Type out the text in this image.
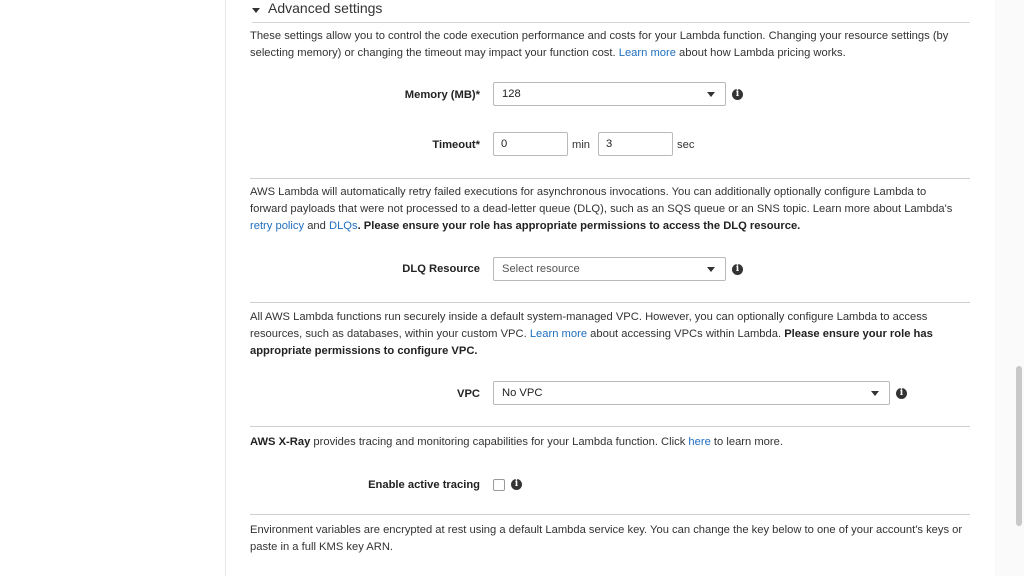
Advanced settings
These settings allow you to control the code execution performance and costs for your Lambda function. Changing your resource settings (by
selecting memory) or changing the timeout may impact your function cost. Learn more about how Lambda pricing works.
Memory (MB)*	128	i
Timeout*	0	min	3	sec
AWS Lambda will automatically retry failed executions for asynchronous invocations. You can additionally optionally configure Lambda to
forward payloads that were not processed to a dead-letter queue (DLQ), such as an SQS queue or an SNS topic. Learn more about Lambda's
retry policy and DLQs. Please ensure your role has appropriate permissions to access the DLQ resource.
DLQ Resource	Select resource	i
All AWS Lambda functions run securely inside a default system-managed VPC. However, you can optionally configure Lambda to access
resources, such as databases, within your custom VPC. Learn more about accessing VPCs within Lambda. Please ensure your role has
appropriate permissions to configure VPC.
VPC	No VPC	i
AWS X-Ray provides tracing and monitoring capabilities for your Lambda function. Click here to learn more.
Enable active tracing	i
Environment variables are encrypted at rest using a default Lambda service key. You can change the key below to one of your account's keys or
paste in a full KMS key ARN.
